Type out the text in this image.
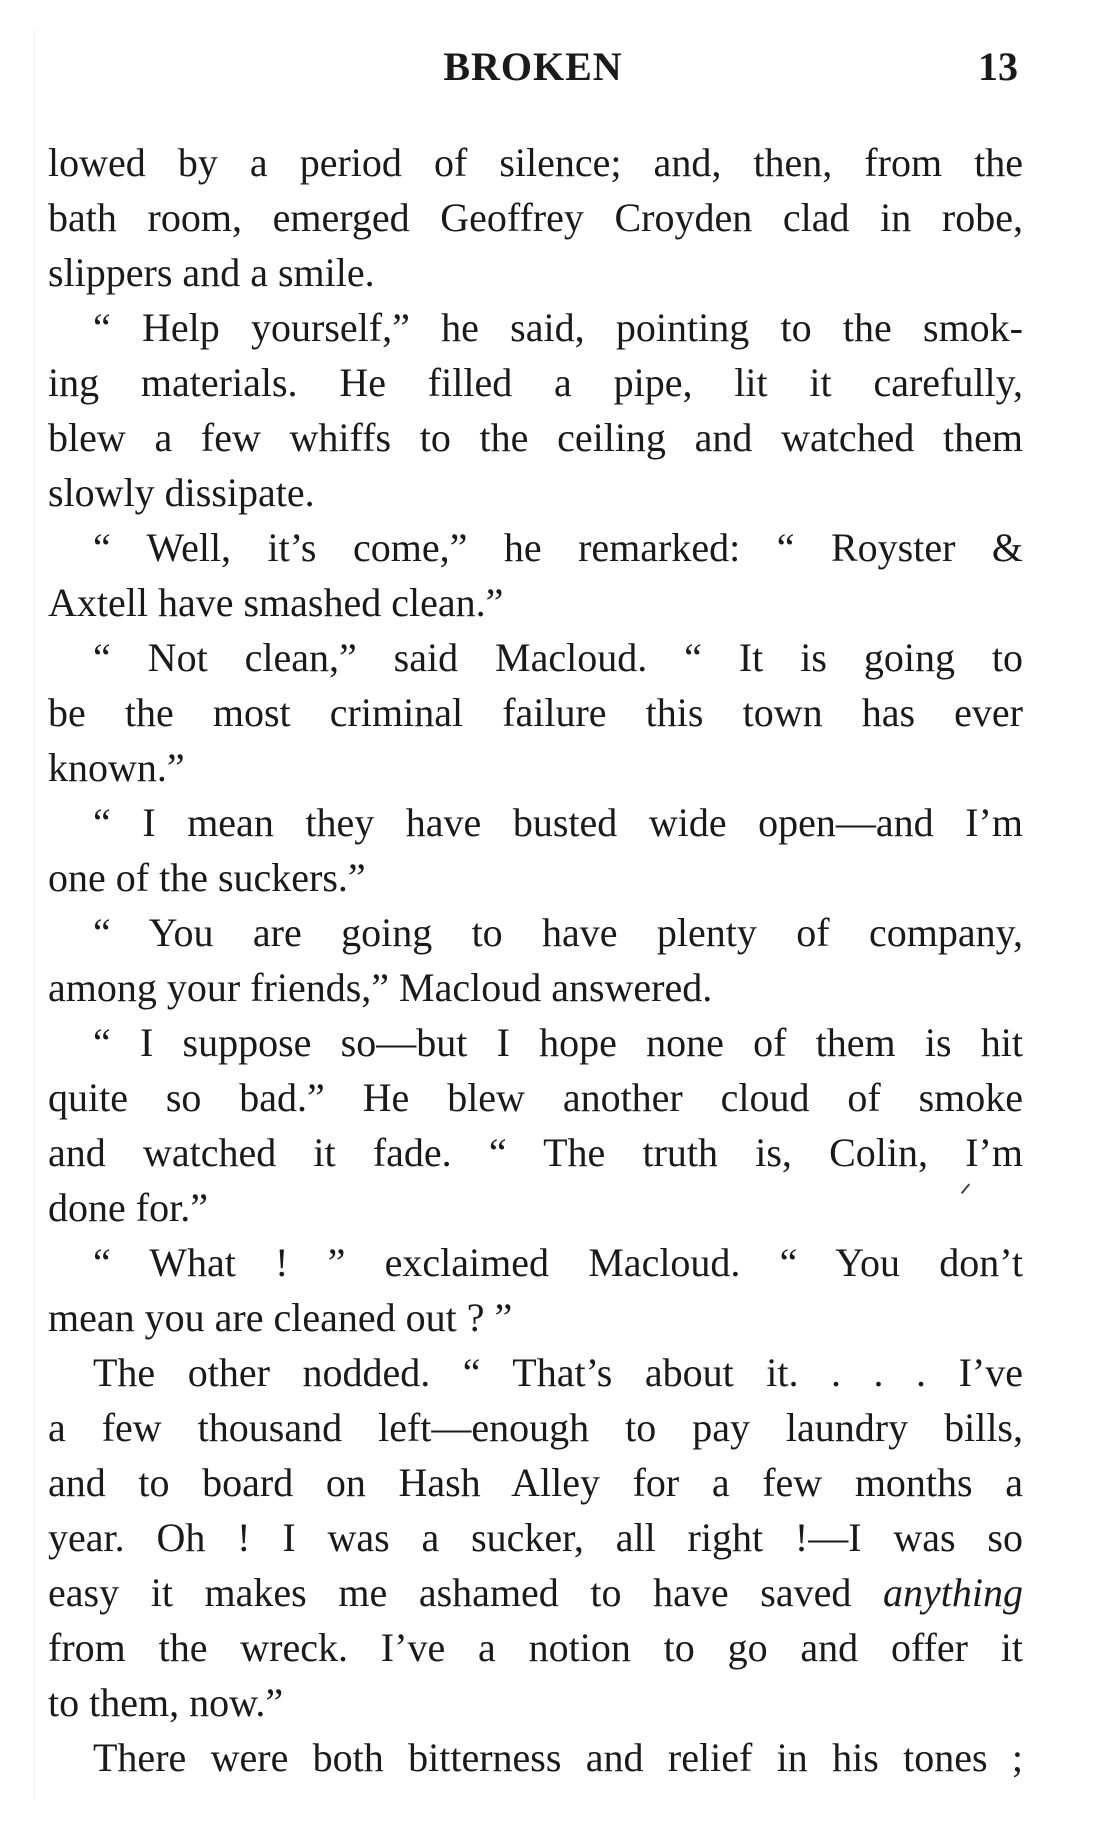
BROKEN	13
lowed by a period of silence; and, then, from the
bath room, emerged Geoffrey Croyden clad in robe,
slippers and a smile.
“ Help yourself,” he said, pointing to the smok-
ing materials. He filled a pipe, lit it carefully,
blew a few whiffs to the ceiling and watched them
slowly dissipate.
“ Well, it’s come,” he remarked: “ Royster &
Axtell have smashed clean.”
“ Not clean,” said Macloud. “ It is going to
be the most criminal failure this town has ever
known.”
“ I mean they have busted wide open—and I’m
one of the suckers.”
“ You are going to have plenty of company,
among your friends,” Macloud answered.
“ I suppose so—but I hope none of them is hit
quite so bad.” He blew another cloud of smoke
and watched it fade. “ The truth is, Colin, I’m
done for.”
“ What ! ” exclaimed Macloud. “ You don’t
mean you are cleaned out ? ”
The other nodded. “ That’s about it. . . . I’ve
a few thousand left—enough to pay laundry bills,
and to board on Hash Alley for a few months a
year. Oh ! I was a sucker, all right !—I was so
easy it makes me ashamed to have saved anything
from the wreck. I’ve a notion to go and offer it
to them, now.”
There were both bitterness and relief in his tones ;
